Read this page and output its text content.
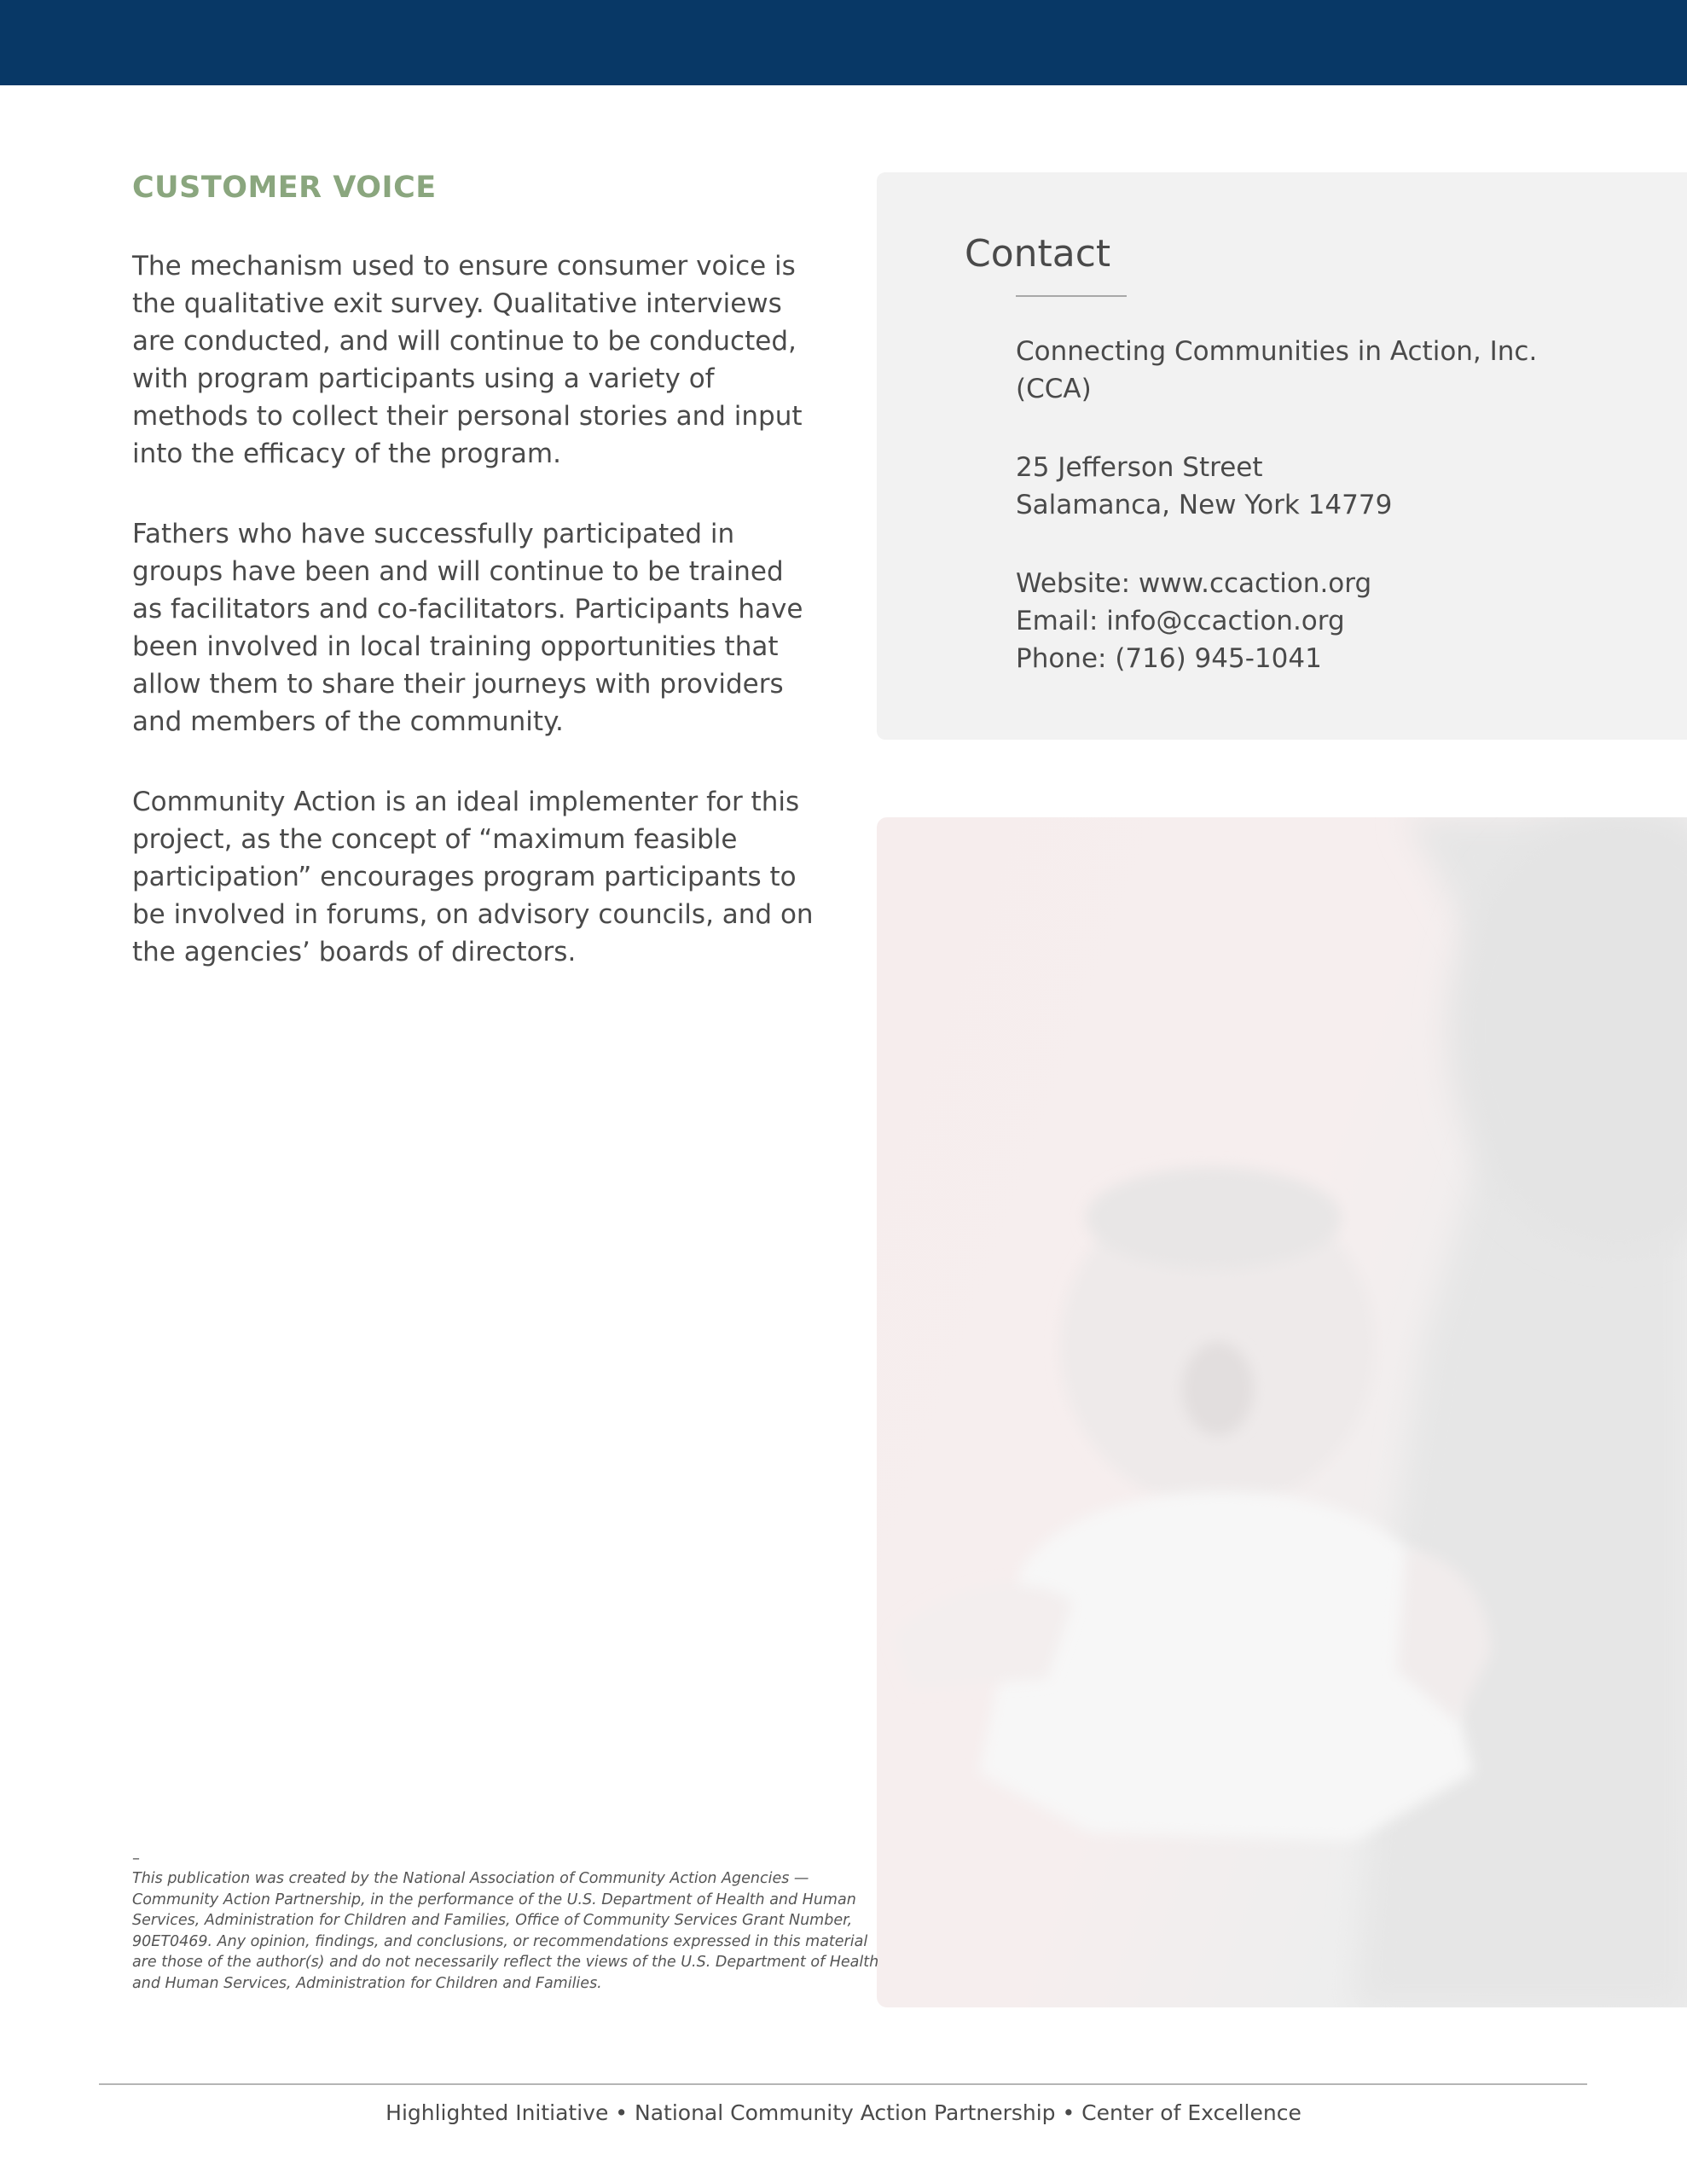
CUSTOMER VOICE

The mechanism used to ensure consumer voice is the qualitative exit survey. Qualitative interviews are conducted, and will continue to be conducted, with program participants using a variety of methods to collect their personal stories and input into the efficacy of the program.

Fathers who have successfully participated in groups have been and will continue to be trained as facilitators and co-facilitators. Participants have been involved in local training opportunities that allow them to share their journeys with providers and members of the community.

Community Action is an ideal implementer for this project, as the concept of “maximum feasible participation” encourages program participants to be involved in forums, on advisory councils, and on the agencies’ boards of directors.

Contact
Connecting Communities in Action, Inc.
(CCA)
25 Jefferson Street
Salamanca, New York 14779
Website: www.ccaction.org
Email: info@ccaction.org
Phone: (716) 945-1041
–

This publication was created by the National Association of Community Action Agencies — Community Action Partnership, in the performance of the U.S. Department of Health and Human Services, Administration for Children and Families, Office of Community Services Grant Number, 90ET0469. Any opinion, findings, and conclusions, or recommendations expressed in this material are those of the author(s) and do not necessarily reflect the views of the U.S. Department of Health and Human Services, Administration for Children and Families.

Highlighted Initiative • National Community Action Partnership • Center of Excellence
